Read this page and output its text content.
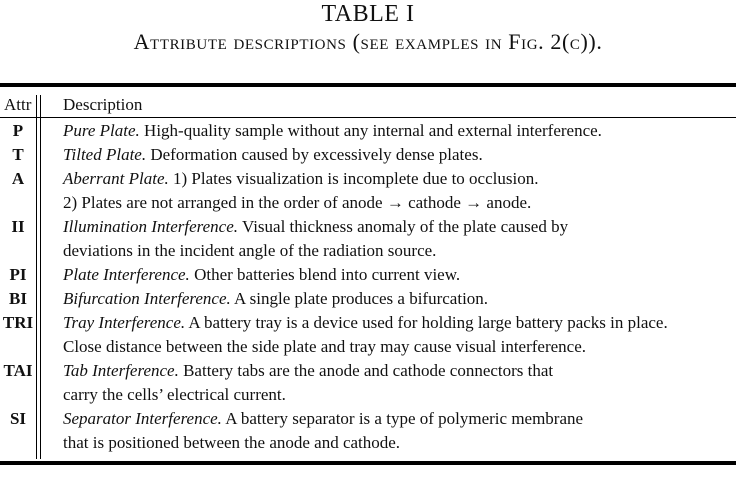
TABLE I
Attribute descriptions (see examples in Fig. 2(c)).
Attr Description
P	Pure Plate. High-quality sample without any internal and external interference.
T	Tilted Plate. Deformation caused by excessively dense plates.
A	Aberrant Plate. 1) Plates visualization is incomplete due to occlusion.
2) Plates are not arranged in the order of anode → cathode → anode.
II	Illumination Interference. Visual thickness anomaly of the plate caused by
deviations in the incident angle of the radiation source.
PI	Plate Interference. Other batteries blend into current view.
BI	Bifurcation Interference. A single plate produces a bifurcation.
TRI Tray Interference. A battery tray is a device used for holding large battery packs in place.
Close distance between the side plate and tray may cause visual interference.
TAI Tab Interference. Battery tabs are the anode and cathode connectors that
carry the cells’ electrical current.
SI	Separator Interference. A battery separator is a type of polymeric membrane
that is positioned between the anode and cathode.
